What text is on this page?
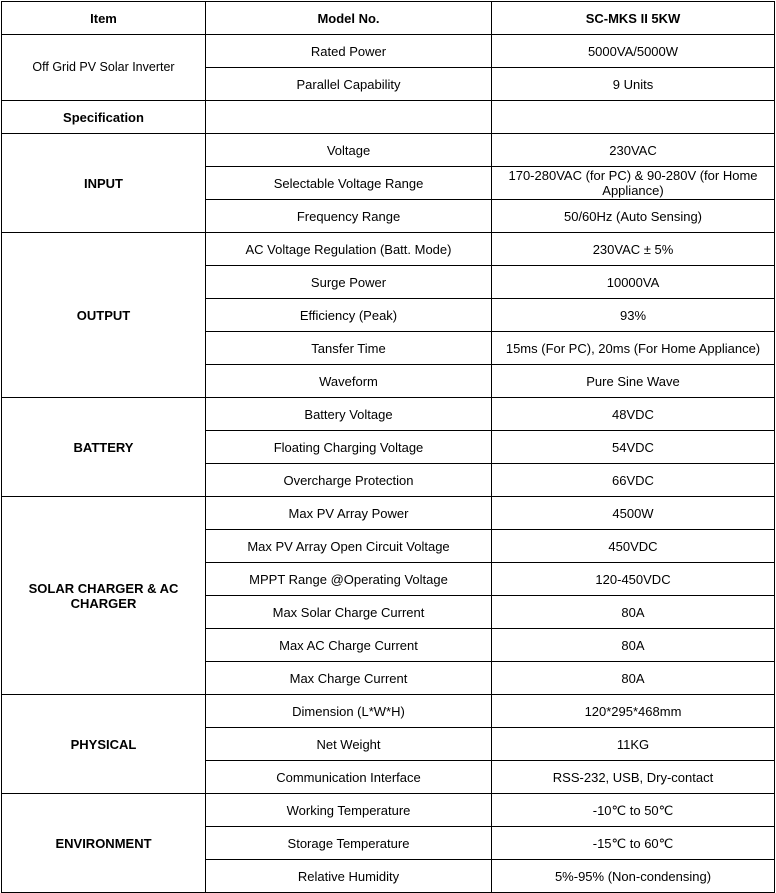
Item	Model No.	SC-MKS II 5KW
Off Grid PV Solar Inverter	Rated Power	5000VA/5000W
	Parallel Capability	9 Units
Specification		
INPUT	Voltage	230VAC
	Selectable Voltage Range	170-280VAC (for PC) & 90-280V (for Home Appliance)
	Frequency Range	50/60Hz (Auto Sensing)
OUTPUT	AC Voltage Regulation (Batt. Mode)	230VAC ± 5%
	Surge Power	10000VA
	Efficiency (Peak)	93%
	Tansfer Time	15ms (For PC), 20ms (For Home Appliance)
	Waveform	Pure Sine Wave
BATTERY	Battery Voltage	48VDC
	Floating Charging Voltage	54VDC
	Overcharge Protection	66VDC
SOLAR CHARGER & AC CHARGER	Max PV Array Power	4500W
	Max PV Array Open Circuit Voltage	450VDC
	MPPT Range @Operating Voltage	120-450VDC
	Max Solar Charge Current	80A
	Max AC Charge Current	80A
	Max Charge Current	80A
PHYSICAL	Dimension (L*W*H)	120*295*468mm
	Net Weight	11KG
	Communication Interface	RSS-232, USB, Dry-contact
ENVIRONMENT	Working Temperature	-10℃ to 50℃
	Storage Temperature	-15℃ to 60℃
	Relative Humidity	5%-95% (Non-condensing)
